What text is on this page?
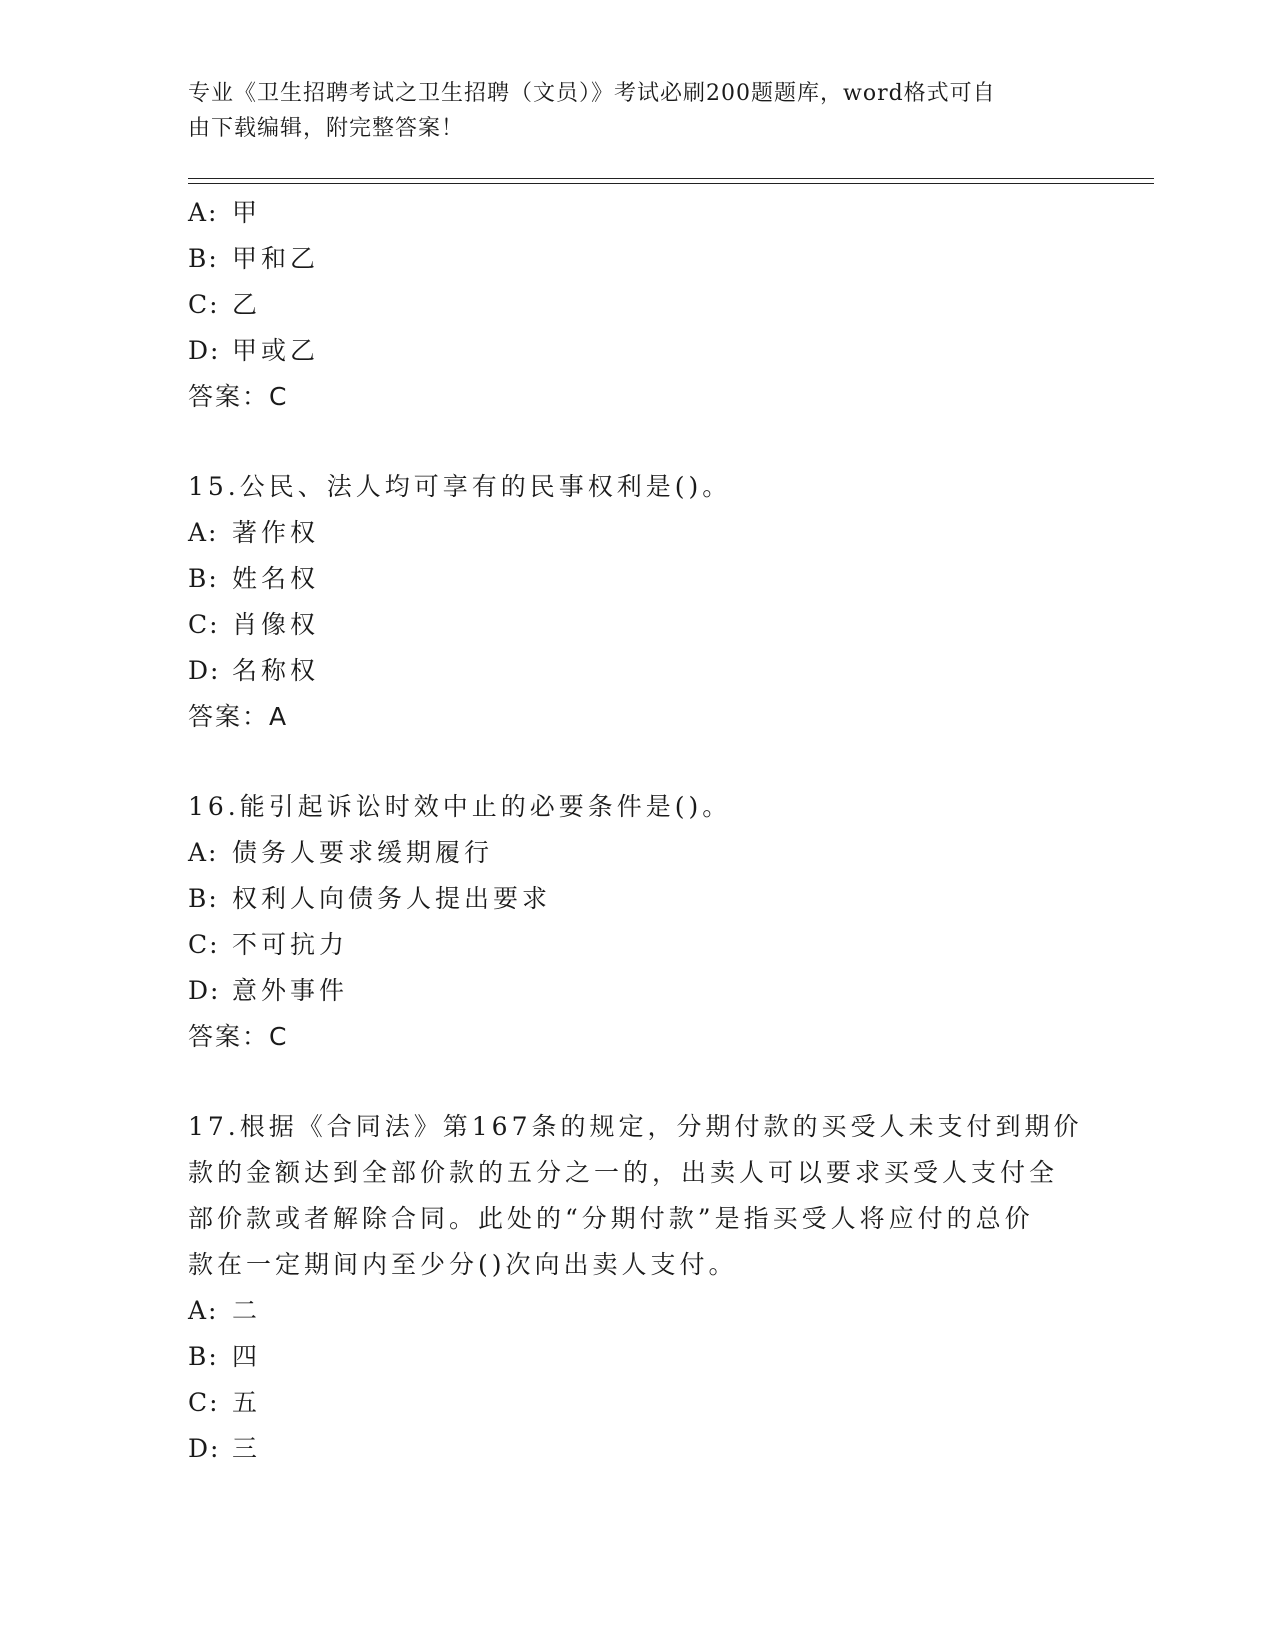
专业《卫生招聘考试之卫生招聘（文员）》考试必刷200题题库，word格式可自
由下载编辑，附完整答案！
A: 甲
B: 甲和乙
C: 乙
D: 甲或乙
答案：C
15.公民、法人均可享有的民事权利是()。
A: 著作权
B: 姓名权
C: 肖像权
D: 名称权
答案：A
16.能引起诉讼时效中止的必要条件是()。
A: 债务人要求缓期履行
B: 权利人向债务人提出要求
C: 不可抗力
D: 意外事件
答案：C
17.根据《合同法》第167条的规定，分期付款的买受人未支付到期价
款的金额达到全部价款的五分之一的，出卖人可以要求买受人支付全
部价款或者解除合同。此处的“分期付款”是指买受人将应付的总价
款在一定期间内至少分()次向出卖人支付。
A: 二
B: 四
C: 五
D: 三
